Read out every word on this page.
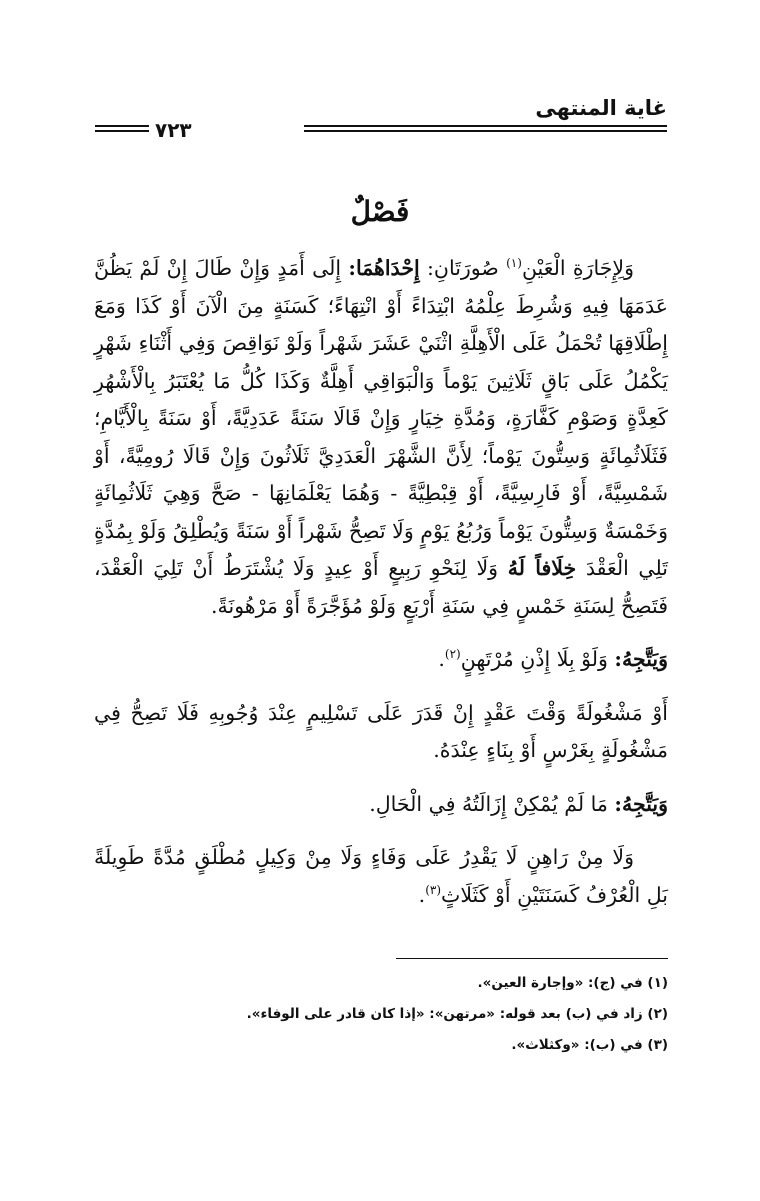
غاية المنتهى
٧٢٣
فَصْلٌ

وَلِإِجَارَةِ الْعَيْنِ$^{(١)}$ صُورَتَانِ: إِحْدَاهُمَا: إِلَى أَمَدٍ وَإِنْ طَالَ إِنْ لَمْ يَظُنَّ عَدَمَهَا فِيهِ وَشُرِطَ عِلْمُهُ ابْتِدَاءً أَوْ انْتِهَاءً؛ كَسَنَةٍ مِنَ الْآنَ أَوْ كَذَا وَمَعَ إِطْلَاقِهَا تُحْمَلُ عَلَى الْأَهِلَّةِ اثْنَيْ عَشَرَ شَهْراً وَلَوْ نَوَاقِصَ وَفِي أَثْنَاءِ شَهْرٍ يَكْمُلُ عَلَى بَاقٍ ثَلَاثِينَ يَوْماً وَالْبَوَاقِي أَهِلَّةٌ وَكَذَا كُلُّ مَا يُعْتَبَرُ بِالْأَشْهُرِ كَعِدَّةٍ وَصَوْمِ كَفَّارَةٍ، وَمُدَّةِ خِيَارٍ وَإِنْ قَالَا سَنَةً عَدَدِيَّةً، أَوْ سَنَةً بِالْأَيَّامِ؛ فَثَلَاثُمِائَةٍ وَسِتُّونَ يَوْماً؛ لِأَنَّ الشَّهْرَ الْعَدَدِيَّ ثَلَاثُونَ وَإِنْ قَالَا رُومِيَّةً، أَوْ شَمْسِيَّةً، أَوْ فَارِسِيَّةً، أَوْ قِبْطِيَّةً - وَهُمَا يَعْلَمَانِهَا - صَحَّ وَهِيَ ثَلَاثُمِائَةٍ وَخَمْسَةٌ وَسِتُّونَ يَوْماً وَرُبُعُ يَوْمٍ وَلَا تَصِحُّ شَهْراً أَوْ سَنَةً وَيُطْلِقُ وَلَوْ بِمُدَّةٍ تَلِي الْعَقْدَ خِلَافاً لَهُ وَلَا لِنَحْوِ رَبِيعٍ أَوْ عِيدٍ وَلَا يُشْتَرَطُ أَنْ تَلِيَ الْعَقْدَ، فَتَصِحُّ لِسَنَةِ خَمْسٍ فِي سَنَةِ أَرْبَعٍ وَلَوْ مُؤَجَّرَةً أَوْ مَرْهُونَةً.

وَيَتَّجِهُ: وَلَوْ بِلَا إِذْنِ مُرْتَهِنٍ$^{(٢)}$.

أَوْ مَشْغُولَةً وَقْتَ عَقْدٍ إِنْ قَدَرَ عَلَى تَسْلِيمٍ عِنْدَ وُجُوبِهِ فَلَا تَصِحُّ فِي مَشْغُولَةٍ بِغَرْسٍ أَوْ بِنَاءٍ عِنْدَهُ.

وَيَتَّجِهُ: مَا لَمْ يُمْكِنْ إِزَالَتُهُ فِي الْحَالِ.

وَلَا مِنْ رَاهِنٍ لَا يَقْدِرُ عَلَى وَفَاءٍ وَلَا مِنْ وَكِيلٍ مُطْلَقٍ مُدَّةً طَوِيلَةً بَلِ الْعُرْفُ كَسَنَتَيْنِ أَوْ كَثَلَاثٍ$^{(٣)}$.

(١) في (ج): «وإجارة العين».
(٢) زاد في (ب) بعد قوله: «مرتهن»: «إذا كان قادر على الوفاء».
(٣) في (ب): «وكثلاث».
